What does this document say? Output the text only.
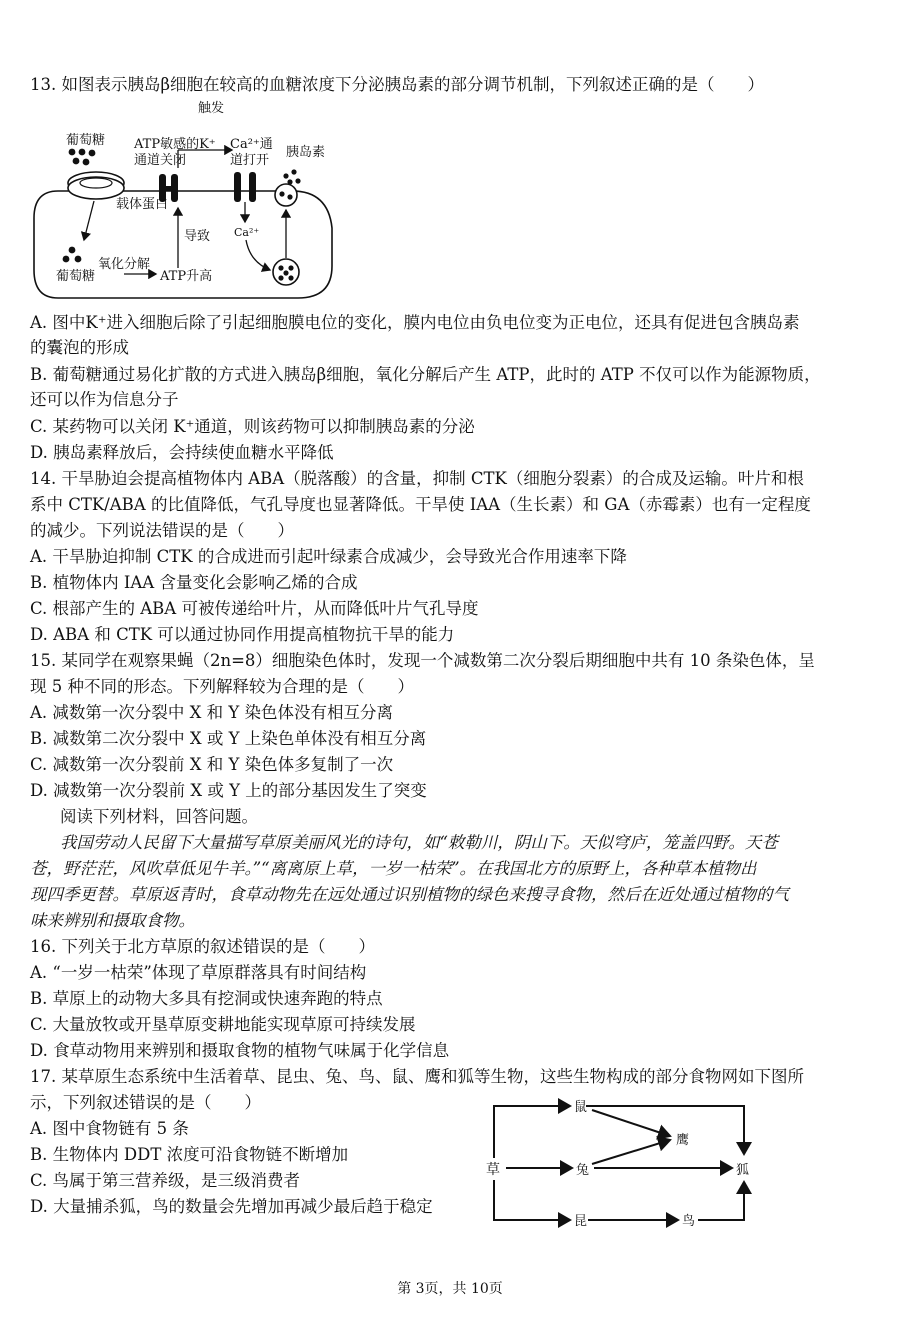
13. 如图表示胰岛β细胞在较高的血糖浓度下分泌胰岛素的部分调节机制，下列叙述正确的是（　　）
葡萄糖 ATP敏感的K⁺
通道关闭
触发
Ca²⁺通
道打开
胰岛素
载体蛋白
导致 Ca²⁺
葡萄糖
氧化分解
ATP升高
A. 图中K⁺进入细胞后除了引起细胞膜电位的变化，膜内电位由负电位变为正电位，还具有促进包含胰岛素
的囊泡的形成
B. 葡萄糖通过易化扩散的方式进入胰岛β细胞，氧化分解后产生 ATP，此时的 ATP 不仅可以作为能源物质，
还可以作为信息分子
C. 某药物可以关闭 K⁺通道，则该药物可以抑制胰岛素的分泌
D. 胰岛素释放后，会持续使血糖水平降低
14. 干旱胁迫会提高植物体内 ABA（脱落酸）的含量，抑制 CTK（细胞分裂素）的合成及运输。叶片和根
系中 CTK/ABA 的比值降低，气孔导度也显著降低。干旱使 IAA（生长素）和 GA（赤霉素）也有一定程度
的减少。下列说法错误的是（　　）
A. 干旱胁迫抑制 CTK 的合成进而引起叶绿素合成减少，会导致光合作用速率下降
B. 植物体内 IAA 含量变化会影响乙烯的合成
C. 根部产生的 ABA 可被传递给叶片，从而降低叶片气孔导度
D. ABA 和 CTK 可以通过协同作用提高植物抗干旱的能力
15. 某同学在观察果蝇（2n=8）细胞染色体时，发现一个减数第二次分裂后期细胞中共有 10 条染色体，呈
现 5 种不同的形态。下列解释较为合理的是（　　）
A. 减数第一次分裂中 X 和 Y 染色体没有相互分离
B. 减数第二次分裂中 X 或 Y 上染色单体没有相互分离
C. 减数第一次分裂前 X 和 Y 染色体多复制了一次
D. 减数第一次分裂前 X 或 Y 上的部分基因发生了突变
阅读下列材料，回答问题。
我国劳动人民留下大量描写草原美丽风光的诗句，如“敕勒川，阴山下。天似穹庐，笼盖四野。天苍
苍，野茫茫，风吹草低见牛羊。”“离离原上草，一岁一枯荣”。在我国北方的原野上，各种草本植物出
现四季更替。草原返青时，食草动物先在远处通过识别植物的绿色来搜寻食物，然后在近处通过植物的气
味来辨别和摄取食物。
16. 下列关于北方草原的叙述错误的是（　　）
A. “一岁一枯荣”体现了草原群落具有时间结构
B. 草原上的动物大多具有挖洞或快速奔跑的特点
C. 大量放牧或开垦草原变耕地能实现草原可持续发展
D. 食草动物用来辨别和摄取食物的植物气味属于化学信息
17. 某草原生态系统中生活着草、昆虫、兔、鸟、鼠、鹰和狐等生物，这些生物构成的部分食物网如下图所
示，下列叙述错误的是（　　）
A. 图中食物链有 5 条
B. 生物体内 DDT 浓度可沿食物链不断增加
C. 鸟属于第三营养级，是三级消费者
D. 大量捕杀狐，鸟的数量会先增加再减少最后趋于稳定
草
鼠
兔
昆
鹰
狐
鸟
第 3页，共 10页
